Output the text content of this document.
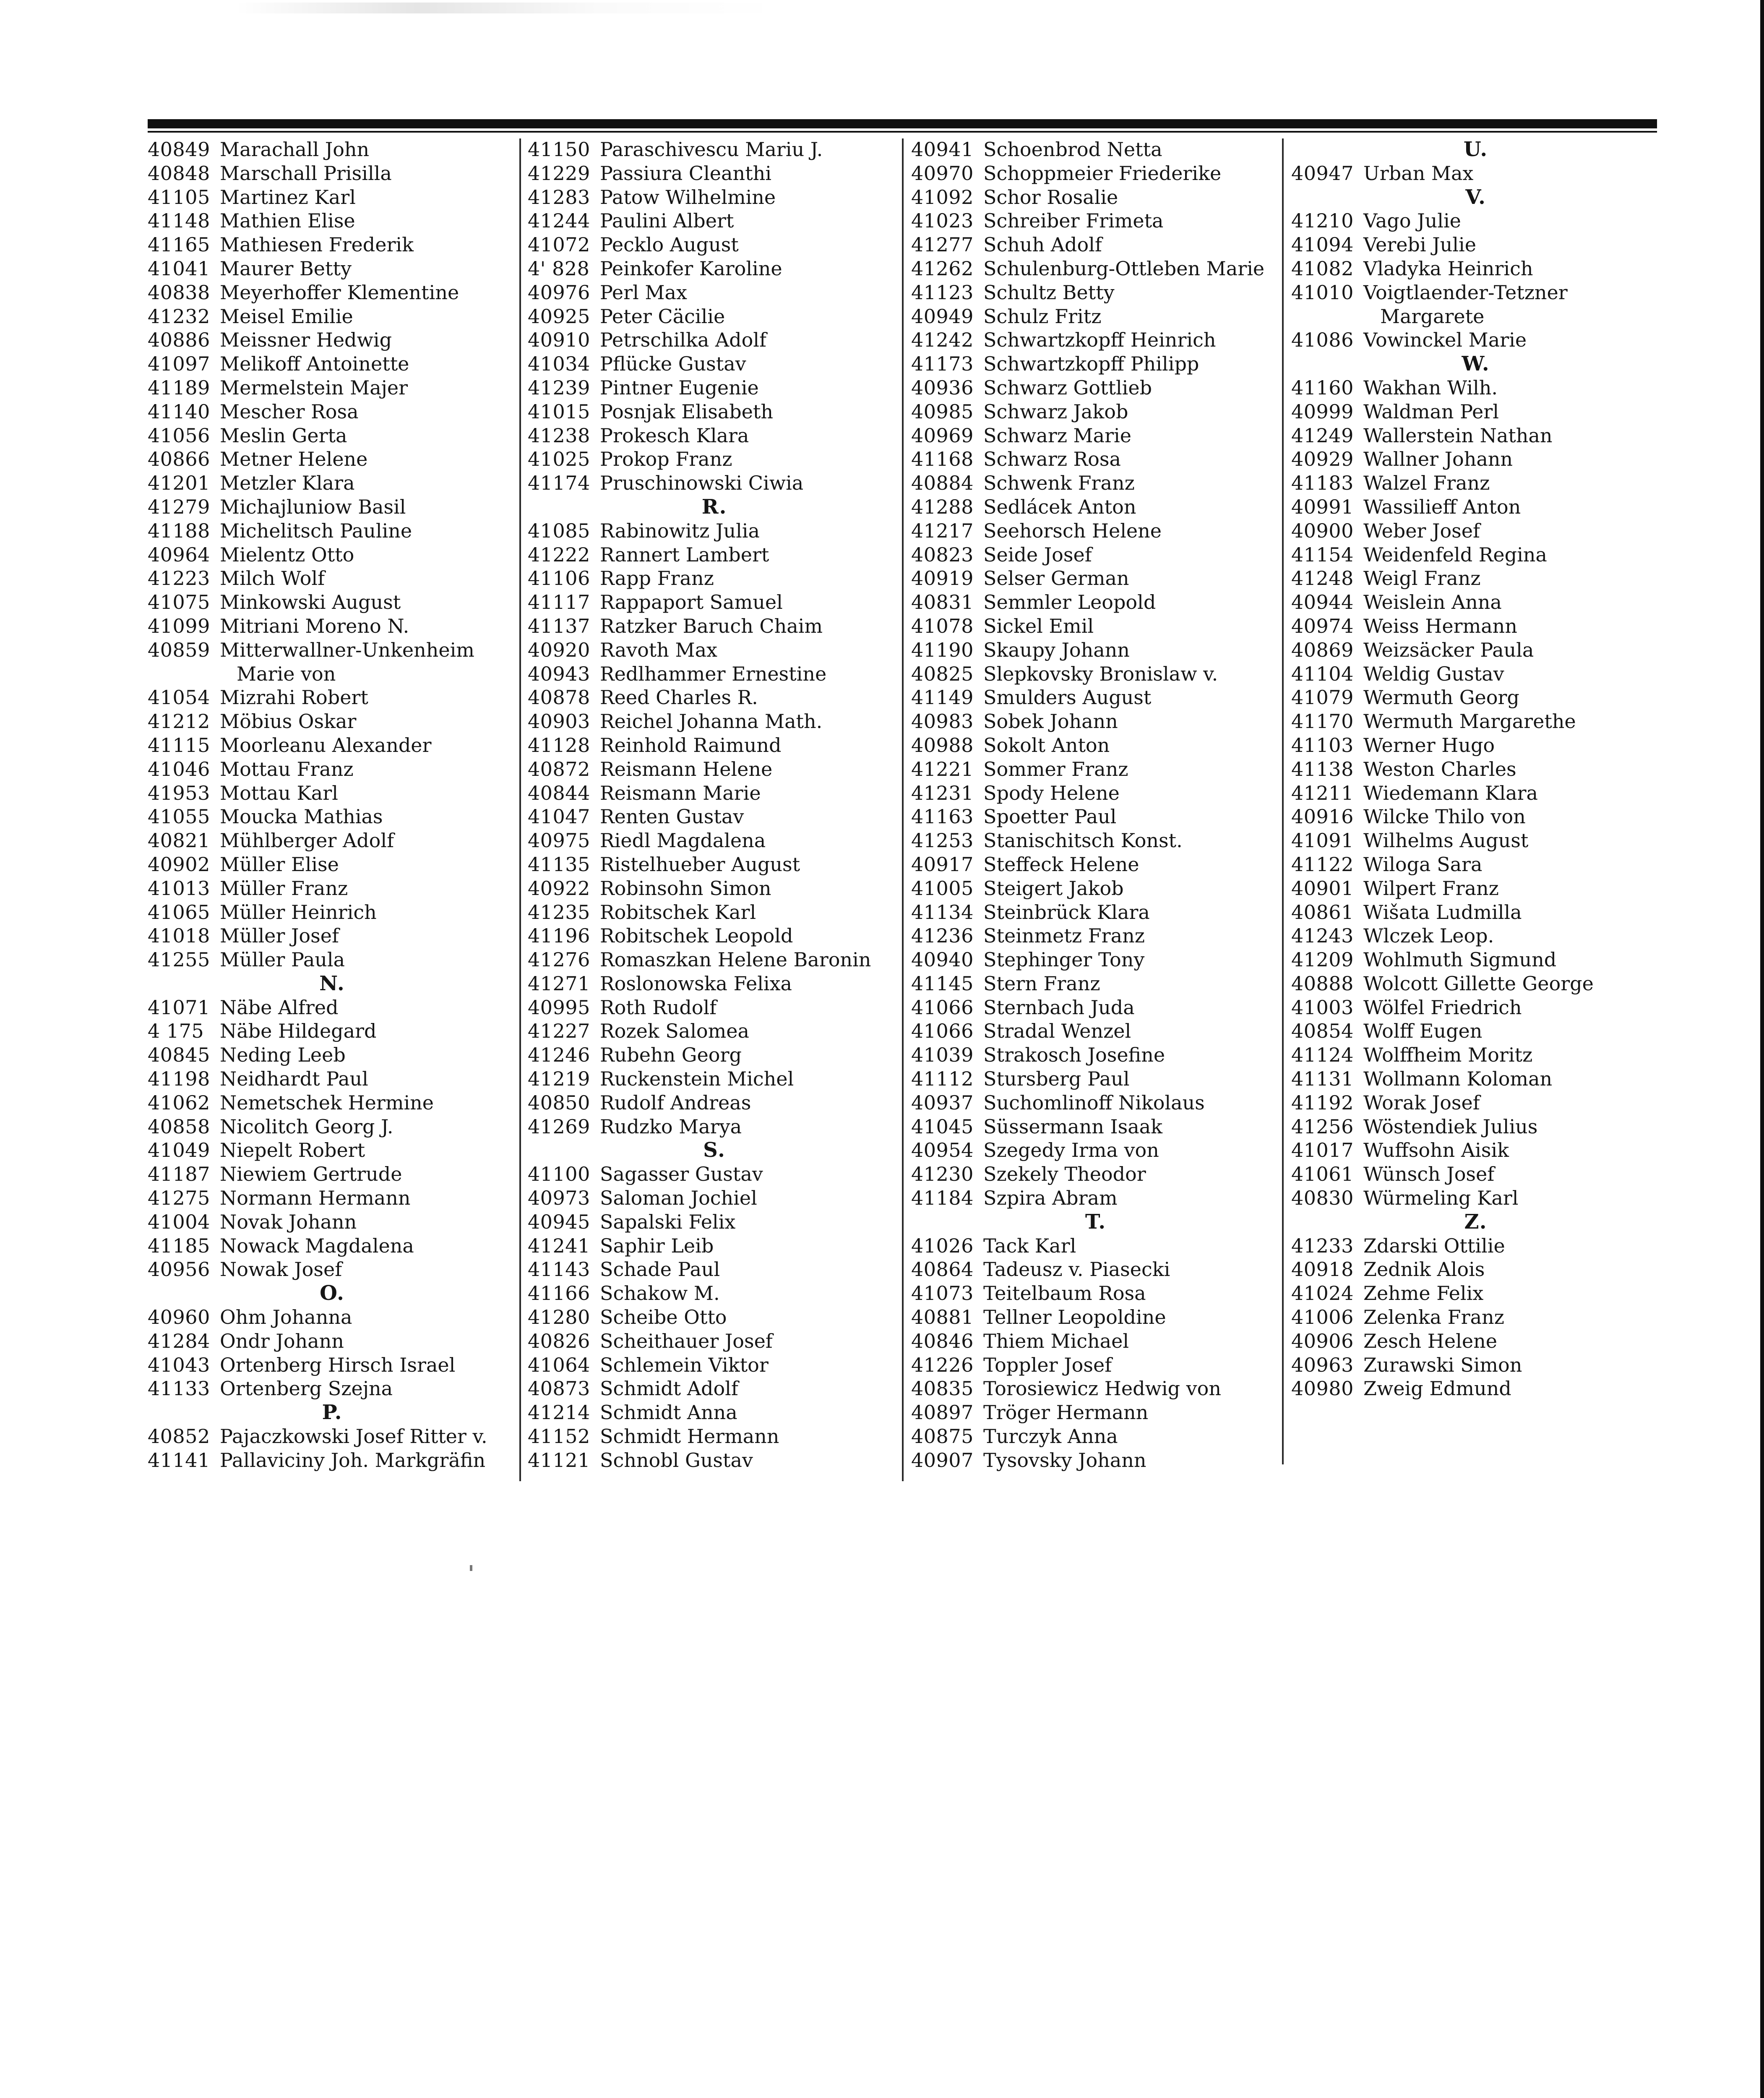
40849 Marachall John
40848 Marschall Prisilla
41105 Martinez Karl
41148 Mathien Elise
41165 Mathiesen Frederik
41041 Maurer Betty
40838 Meyerhoffer Klementine
41232 Meisel Emilie
40886 Meissner Hedwig
41097 Melikoff Antoinette
41189 Mermelstein Majer
41140 Mescher Rosa
41056 Meslin Gerta
40866 Metner Helene
41201 Metzler Klara
41279 Michajluniow Basil
41188 Michelitsch Pauline
40964 Mielentz Otto
41223 Milch Wolf
41075 Minkowski August
41099 Mitriani Moreno N.
40859 Mitterwallner-Unkenheim
Marie von
41054 Mizrahi Robert
41212 Möbius Oskar
41115 Moorleanu Alexander
41046 Mottau Franz
41953 Mottau Karl
41055 Moucka Mathias
40821 Mühlberger Adolf
40902 Müller Elise
41013 Müller Franz
41065 Müller Heinrich
41018 Müller Josef
41255 Müller Paula
N.
41071 Näbe Alfred
4 175 Näbe Hildegard
40845 Neding Leeb
41198 Neidhardt Paul
41062 Nemetschek Hermine
40858 Nicolitch Georg J.
41049 Niepelt Robert
41187 Niewiem Gertrude
41275 Normann Hermann
41004 Novak Johann
41185 Nowack Magdalena
40956 Nowak Josef
O.
40960 Ohm Johanna
41284 Ondr Johann
41043 Ortenberg Hirsch Israel
41133 Ortenberg Szejna
P.
40852 Pajaczkowski Josef Ritter v.
41141 Pallaviciny Joh. Markgräfin
41150 Paraschivescu Mariu J.
41229 Passiura Cleanthi
41283 Patow Wilhelmine
41244 Paulini Albert
41072 Pecklo August
4' 828 Peinkofer Karoline
40976 Perl Max
40925 Peter Cäcilie
40910 Petrschilka Adolf
41034 Pflücke Gustav
41239 Pintner Eugenie
41015 Posnjak Elisabeth
41238 Prokesch Klara
41025 Prokop Franz
41174 Pruschinowski Ciwia
R.
41085 Rabinowitz Julia
41222 Rannert Lambert
41106 Rapp Franz
41117 Rappaport Samuel
41137 Ratzker Baruch Chaim
40920 Ravoth Max
40943 Redlhammer Ernestine
40878 Reed Charles R.
40903 Reichel Johanna Math.
41128 Reinhold Raimund
40872 Reismann Helene
40844 Reismann Marie
41047 Renten Gustav
40975 Riedl Magdalena
41135 Ristelhueber August
40922 Robinsohn Simon
41235 Robitschek Karl
41196 Robitschek Leopold
41276 Romaszkan Helene Baronin
41271 Roslonowska Felixa
40995 Roth Rudolf
41227 Rozek Salomea
41246 Rubehn Georg
41219 Ruckenstein Michel
40850 Rudolf Andreas
41269 Rudzko Marya
S.
41100 Sagasser Gustav
40973 Saloman Jochiel
40945 Sapalski Felix
41241 Saphir Leib
41143 Schade Paul
41166 Schakow M.
41280 Scheibe Otto
40826 Scheithauer Josef
41064 Schlemein Viktor
40873 Schmidt Adolf
41214 Schmidt Anna
41152 Schmidt Hermann
41121 Schnobl Gustav
40941 Schoenbrod Netta
40970 Schoppmeier Friederike
41092 Schor Rosalie
41023 Schreiber Frimeta
41277 Schuh Adolf
41262 Schulenburg-Ottleben Marie
41123 Schultz Betty
40949 Schulz Fritz
41242 Schwartzkopff Heinrich
41173 Schwartzkopff Philipp
40936 Schwarz Gottlieb
40985 Schwarz Jakob
40969 Schwarz Marie
41168 Schwarz Rosa
40884 Schwenk Franz
41288 Sedlácek Anton
41217 Seehorsch Helene
40823 Seide Josef
40919 Selser German
40831 Semmler Leopold
41078 Sickel Emil
41190 Skaupy Johann
40825 Slepkovsky Bronislaw v.
41149 Smulders August
40983 Sobek Johann
40988 Sokolt Anton
41221 Sommer Franz
41231 Spody Helene
41163 Spoetter Paul
41253 Stanischitsch Konst.
40917 Steffeck Helene
41005 Steigert Jakob
41134 Steinbrück Klara
41236 Steinmetz Franz
40940 Stephinger Tony
41145 Stern Franz
41066 Sternbach Juda
41066 Stradal Wenzel
41039 Strakosch Josefine
41112 Stursberg Paul
40937 Suchomlinoff Nikolaus
41045 Süssermann Isaak
40954 Szegedy Irma von
41230 Szekely Theodor
41184 Szpira Abram
T.
41026 Tack Karl
40864 Tadeusz v. Piasecki
41073 Teitelbaum Rosa
40881 Tellner Leopoldine
40846 Thiem Michael
41226 Toppler Josef
40835 Torosiewicz Hedwig von
40897 Tröger Hermann
40875 Turczyk Anna
40907 Tysovsky Johann
U.
40947 Urban Max
V.
41210 Vago Julie
41094 Verebi Julie
41082 Vladyka Heinrich
41010 Voigtlaender-Tetzner
Margarete
41086 Vowinckel Marie
W.
41160 Wakhan Wilh.
40999 Waldman Perl
41249 Wallerstein Nathan
40929 Wallner Johann
41183 Walzel Franz
40991 Wassilieff Anton
40900 Weber Josef
41154 Weidenfeld Regina
41248 Weigl Franz
40944 Weislein Anna
40974 Weiss Hermann
40869 Weizsäcker Paula
41104 Weldig Gustav
41079 Wermuth Georg
41170 Wermuth Margarethe
41103 Werner Hugo
41138 Weston Charles
41211 Wiedemann Klara
40916 Wilcke Thilo von
41091 Wilhelms August
41122 Wiloga Sara
40901 Wilpert Franz
40861 Wišata Ludmilla
41243 Wlczek Leop.
41209 Wohlmuth Sigmund
40888 Wolcott Gillette George
41003 Wölfel Friedrich
40854 Wolff Eugen
41124 Wolffheim Moritz
41131 Wollmann Koloman
41192 Worak Josef
41256 Wöstendiek Julius
41017 Wuffsohn Aisik
41061 Wünsch Josef
40830 Würmeling Karl
Z.
41233 Zdarski Ottilie
40918 Zednik Alois
41024 Zehme Felix
41006 Zelenka Franz
40906 Zesch Helene
40963 Zurawski Simon
40980 Zweig Edmund
